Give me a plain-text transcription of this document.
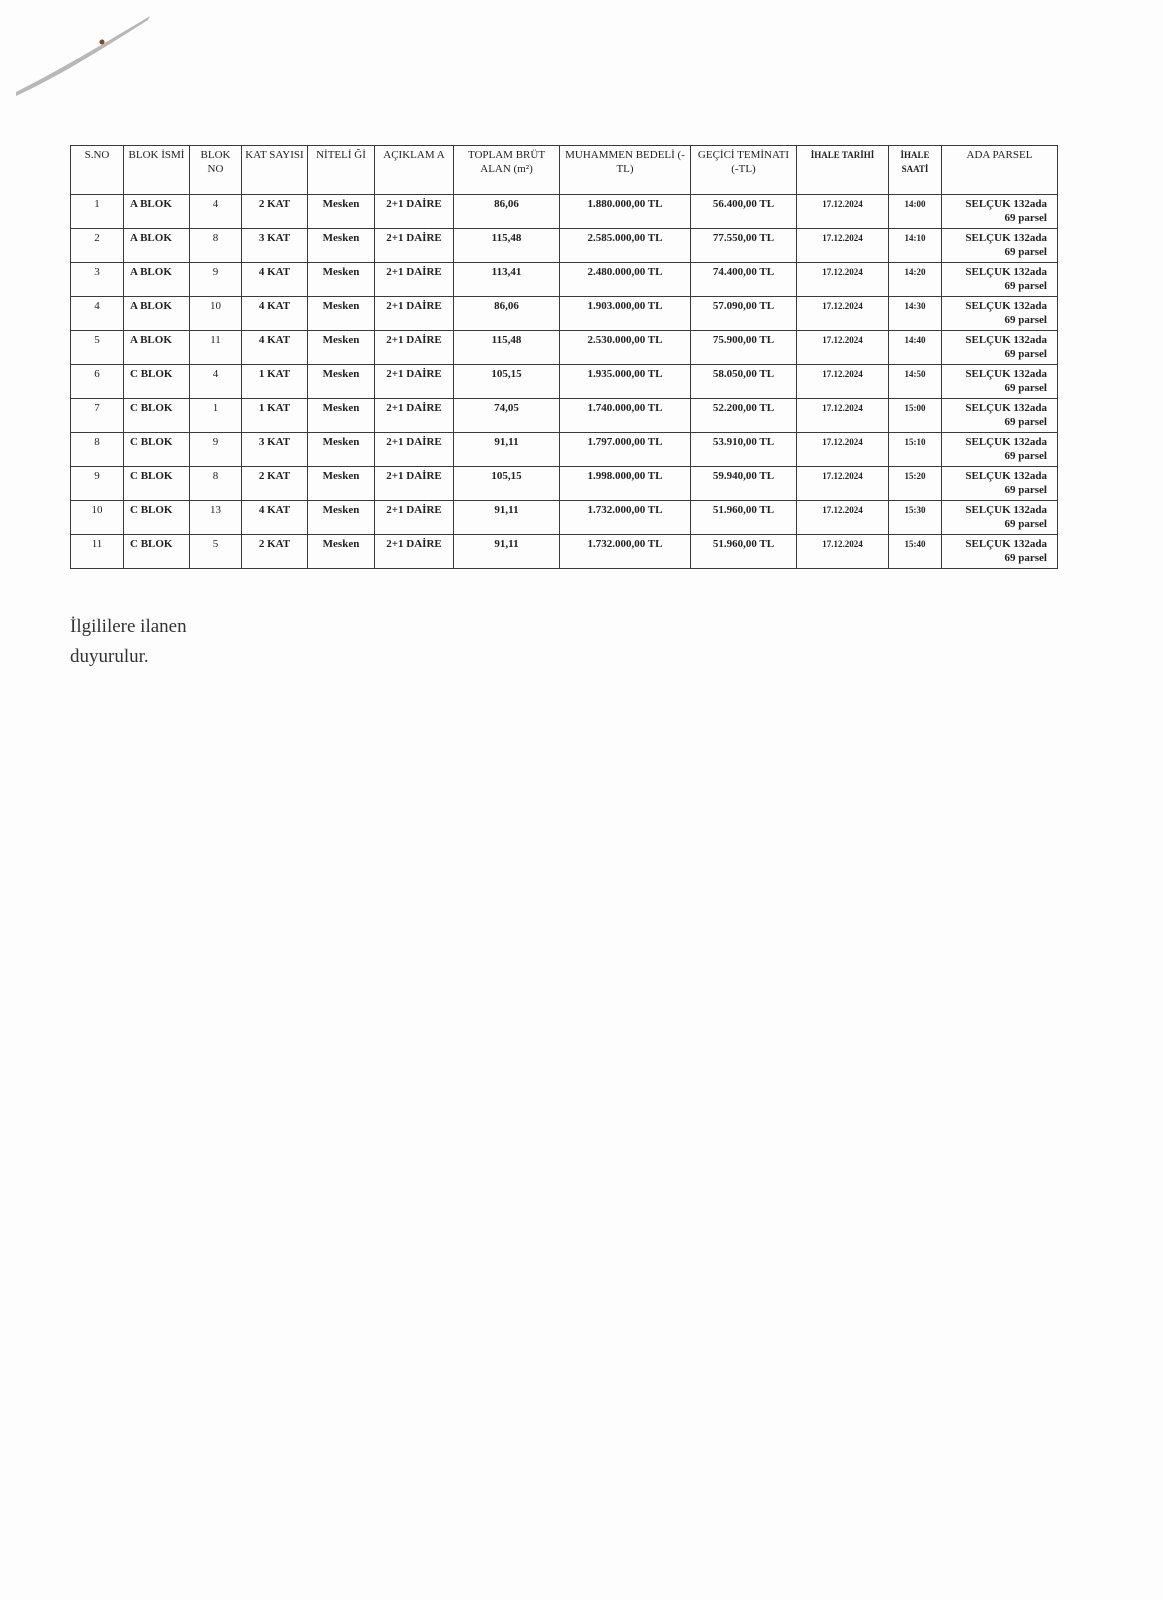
S.NO	BLOK İSMİ	BLOK NO	KAT SAYISI	NİTELİ Ğİ	AÇIKLAM A	TOPLAM BRÜT ALAN (m²)	MUHAMMEN BEDELİ (-TL)	GEÇİCİ TEMİNATI (-TL)	İHALE TARİHİ	İHALE SAATİ	ADA PARSEL
1	A BLOK	4	2 KAT	Mesken	2+1 DAİRE	86,06	1.880.000,00 TL	56.400,00 TL	17.12.2024	14:00	SELÇUK 132ada
69 parsel

2	A BLOK	8	3 KAT	Mesken	2+1 DAİRE	115,48	2.585.000,00 TL	77.550,00 TL	17.12.2024	14:10	SELÇUK 132ada
69 parsel

3	A BLOK	9	4 KAT	Mesken	2+1 DAİRE	113,41	2.480.000,00 TL	74.400,00 TL	17.12.2024	14:20	SELÇUK 132ada
69 parsel

4	A BLOK	10	4 KAT	Mesken	2+1 DAİRE	86,06	1.903.000,00 TL	57.090,00 TL	17.12.2024	14:30	SELÇUK 132ada
69 parsel

5	A BLOK	11	4 KAT	Mesken	2+1 DAİRE	115,48	2.530.000,00 TL	75.900,00 TL	17.12.2024	14:40	SELÇUK 132ada
69 parsel

6	C BLOK	4	1 KAT	Mesken	2+1 DAİRE	105,15	1.935.000,00 TL	58.050,00 TL	17.12.2024	14:50	SELÇUK 132ada
69 parsel

7	C BLOK	1	1 KAT	Mesken	2+1 DAİRE	74,05	1.740.000,00 TL	52.200,00 TL	17.12.2024	15:00	SELÇUK 132ada
69 parsel

8	C BLOK	9	3 KAT	Mesken	2+1 DAİRE	91,11	1.797.000,00 TL	53.910,00 TL	17.12.2024	15:10	SELÇUK 132ada
69 parsel

9	C BLOK	8	2 KAT	Mesken	2+1 DAİRE	105,15	1.998.000,00 TL	59.940,00 TL	17.12.2024	15:20	SELÇUK 132ada
69 parsel

10	C BLOK	13	4 KAT	Mesken	2+1 DAİRE	91,11	1.732.000,00 TL	51.960,00 TL	17.12.2024	15:30	SELÇUK 132ada
69 parsel

11	C BLOK	5	2 KAT	Mesken	2+1 DAİRE	91,11	1.732.000,00 TL	51.960,00 TL	17.12.2024	15:40	SELÇUK 132ada
69 parsel
İlgililere ilanen
duyurulur.
